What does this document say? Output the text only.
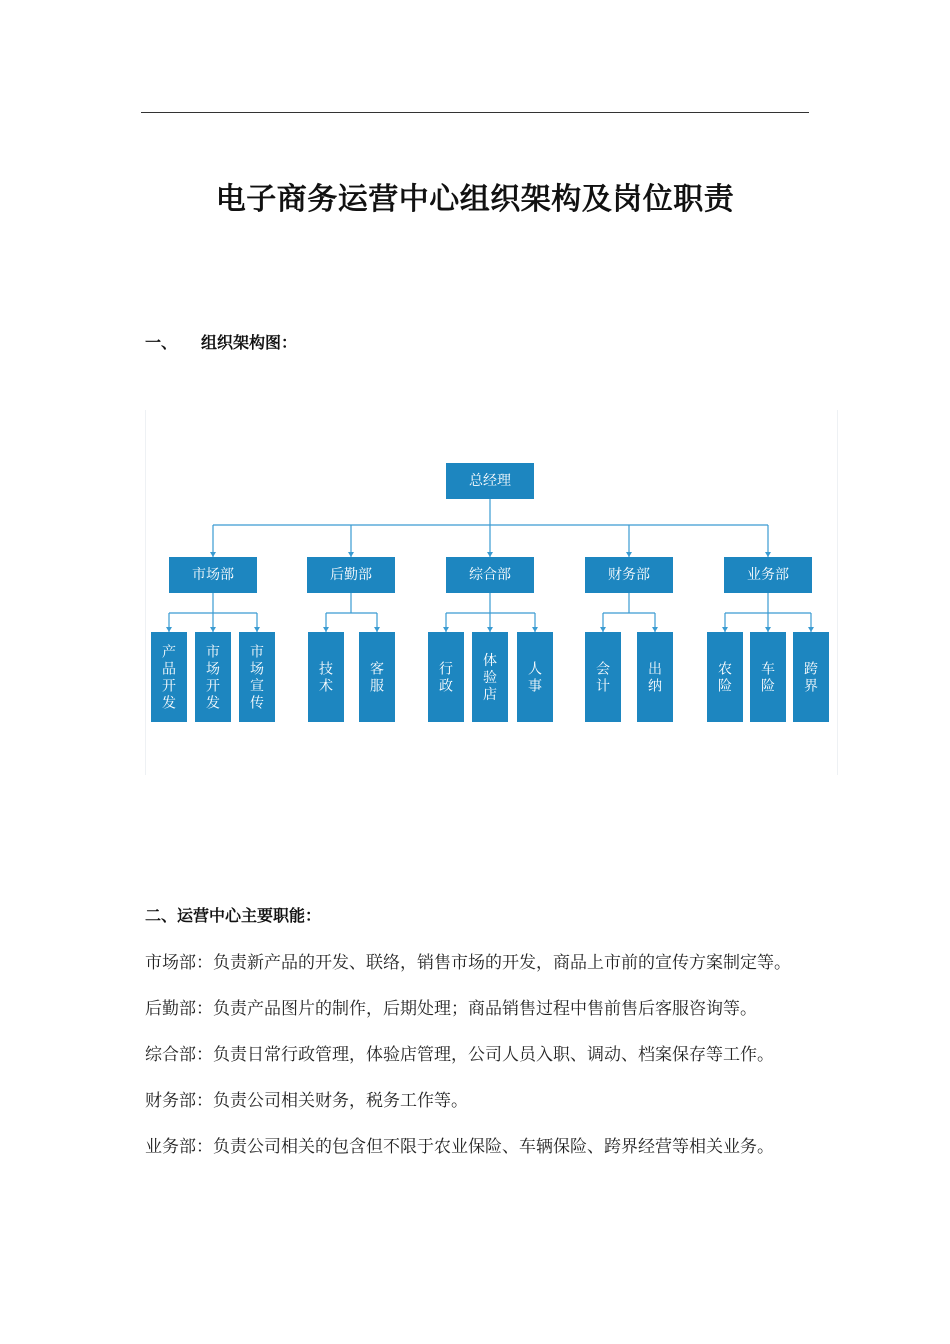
电子商务运营中心组织架构及岗位职责
一、 组织架构图：
总经理
市场部
产品开发
市场开发
市场宣传
后勤部
技术
客服
综合部
行政
体验店
人事
财务部
会计
出纳
业务部
农险
车险
跨界
二、运营中心主要职能：
市场部：负责新产品的开发、联络，销售市场的开发，商品上市前的宣传方案制定等。
后勤部：负责产品图片的制作，后期处理；商品销售过程中售前售后客服咨询等。
综合部：负责日常行政管理，体验店管理，公司人员入职、调动、档案保存等工作。
财务部：负责公司相关财务，税务工作等。
业务部：负责公司相关的包含但不限于农业保险、车辆保险、跨界经营等相关业务。
